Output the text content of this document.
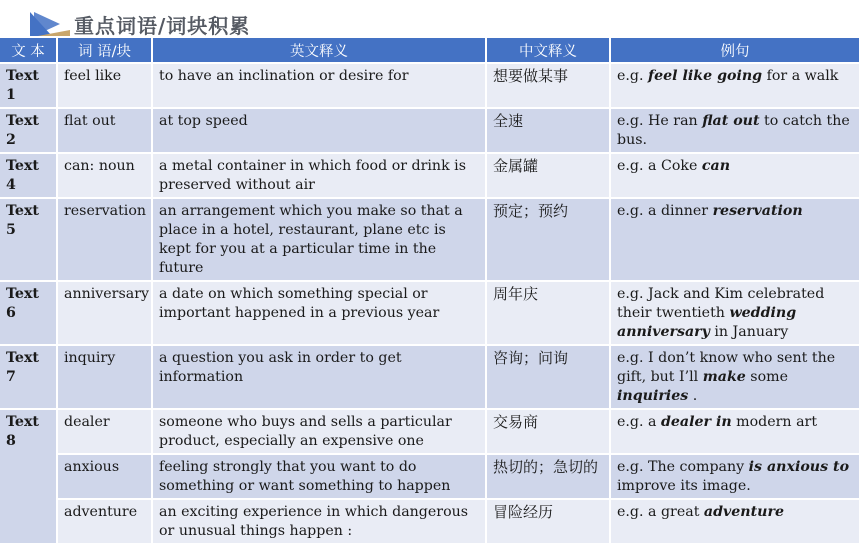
重点词语/词块积累
文 本	词 语/块	英文释义	中文释义	例句
Text 1	feel like	to have an inclination or desire for	想要做某事	e.g. feel like going for a walk
Text 2	flat out	at top speed	全速	e.g. He ran flat out to catch the bus.
Text 4	can: noun	a metal container in which food or drink is preserved without air	金属罐	e.g. a Coke can
Text 5	reservation	an arrangement which you make so that a place in a hotel, restaurant, plane etc is kept for you at a particular time in the future	预定；预约	e.g. a dinner reservation
Text 6	anniversary	a date on which something special or important happened in a previous year	周年庆	e.g. Jack and Kim celebrated their twentieth wedding anniversary in January
Text 7	inquiry	a question you ask in order to get information	咨询；问询	e.g. I don’t know who sent the gift, but I’ll make some inquiries .
Text 8	dealer	someone who buys and sells a particular product, especially an expensive one	交易商	e.g. a dealer in modern art
	anxious	feeling strongly that you want to do something or want something to happen	热切的；急切的	e.g. The company is anxious to improve its image.
	adventure	an exciting experience in which dangerous or unusual things happen :	冒险经历	e.g. a great adventure
